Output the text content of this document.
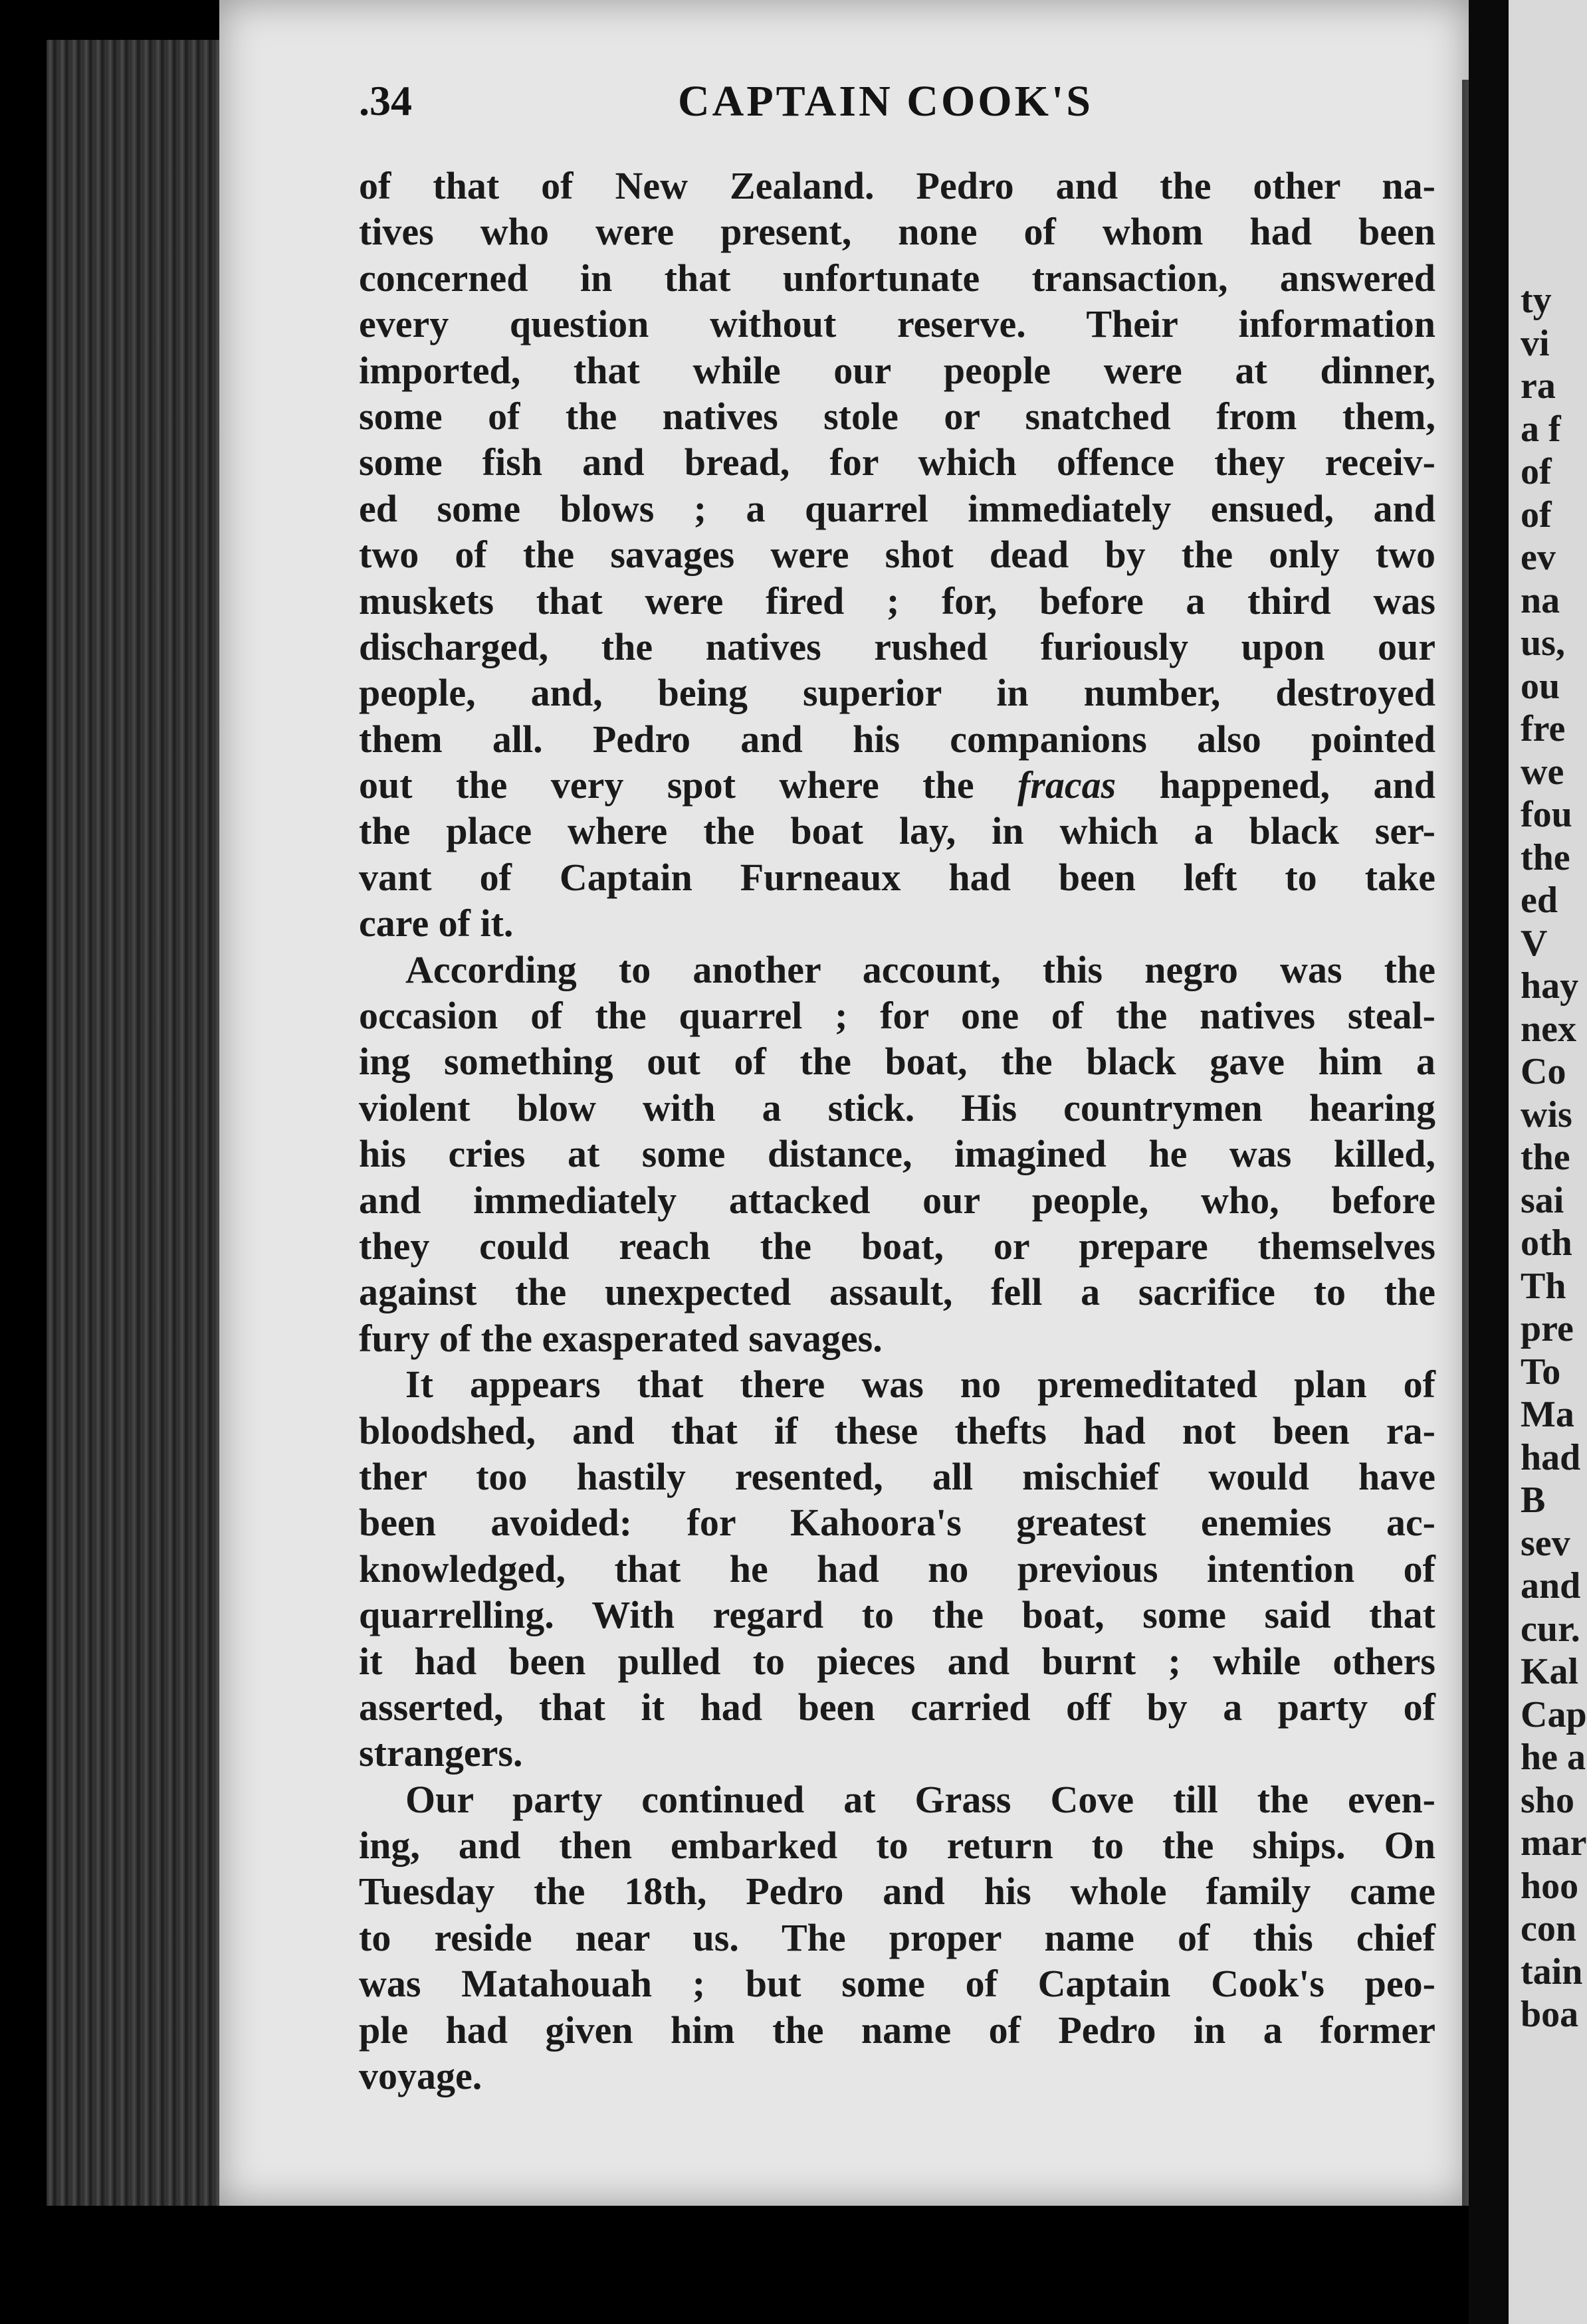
ty
vi
ra
a f
of
of
ev
na
us,
ou
fre
we
fou
the
ed
V
hay
nex
Co
wis
the
sai
oth
Th
pre
To
Ma
had
B
sev
and
cur.
Kal
Cap
he a
sho
mar
hoo
con
tain
boa
.34	CAPTAIN COOK'S
of that of New Zealand. Pedro and the other na-
tives who were present, none of whom had been
concerned in that unfortunate transaction, answered
every question without reserve. Their information
imported, that while our people were at dinner,
some of the natives stole or snatched from them,
some fish and bread, for which offence they receiv-
ed some blows ; a quarrel immediately ensued, and
two of the savages were shot dead by the only two
muskets that were fired ; for, before a third was
discharged, the natives rushed furiously upon our
people, and, being superior in number, destroyed
them all. Pedro and his companions also pointed
out the very spot where the fracas happened, and
the place where the boat lay, in which a black ser-
vant of Captain Furneaux had been left to take
care of it.
According to another account, this negro was the
occasion of the quarrel ; for one of the natives steal-
ing something out of the boat, the black gave him a
violent blow with a stick. His countrymen hearing
his cries at some distance, imagined he was killed,
and immediately attacked our people, who, before
they could reach the boat, or prepare themselves
against the unexpected assault, fell a sacrifice to the
fury of the exasperated savages.
It appears that there was no premeditated plan of
bloodshed, and that if these thefts had not been ra-
ther too hastily resented, all mischief would have
been avoided: for Kahoora's greatest enemies ac-
knowledged, that he had no previous intention of
quarrelling. With regard to the boat, some said that
it had been pulled to pieces and burnt ; while others
asserted, that it had been carried off by a party of
strangers.
Our party continued at Grass Cove till the even-
ing, and then embarked to return to the ships. On
Tuesday the 18th, Pedro and his whole family came
to reside near us. The proper name of this chief
was Matahouah ; but some of Captain Cook's peo-
ple had given him the name of Pedro in a former
voyage.
